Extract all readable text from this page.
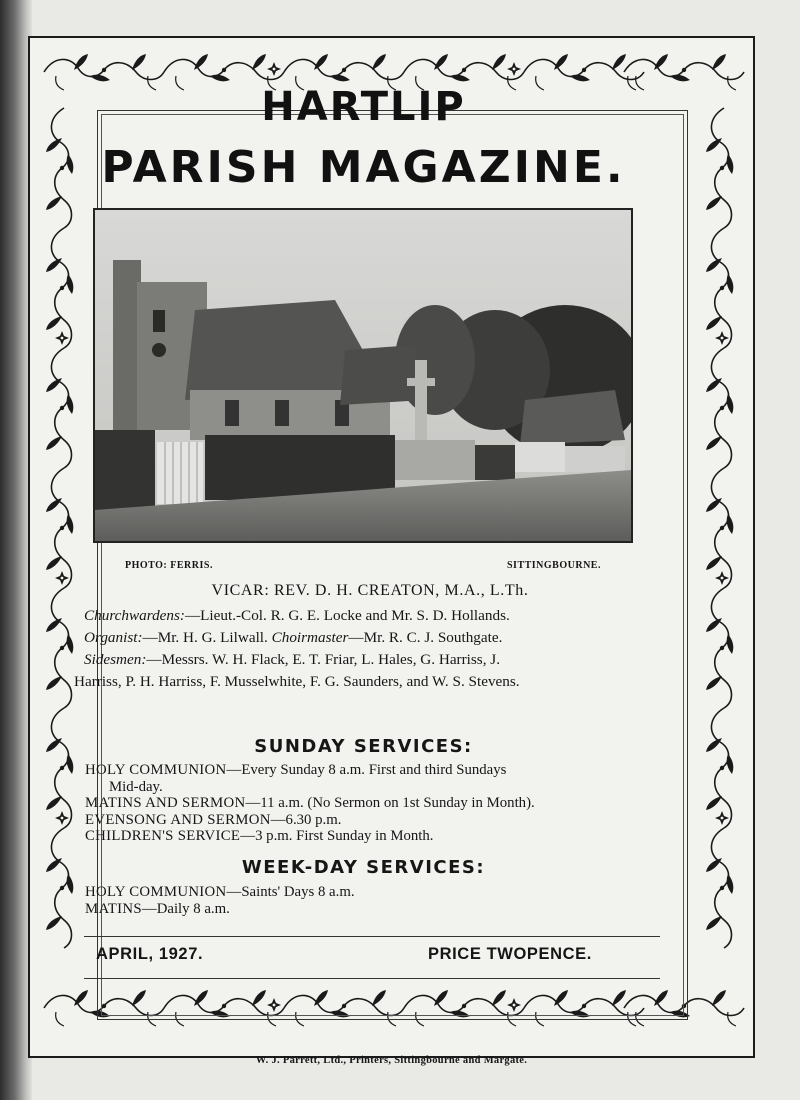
HARTLIP
PARISH MAGAZINE.
PHOTO: FERRIS.	SITTINGBOURNE.

VICAR: REV. D. H. CREATON, M.A., L.Th.

Churchwardens:—Lieut.-Col. R. G. E. Locke and Mr. S. D. Hollands.

Organist:—Mr. H. G. Lilwall. Choirmaster—Mr. R. C. J. Southgate.

Sidesmen:—Messrs. W. H. Flack, E. T. Friar, L. Hales, G. Harriss, J.

Harriss, P. H. Harriss, F. Musselwhite, F. G. Saunders, and W. S. Stevens.

SUNDAY SERVICES:
HOLY COMMUNION—Every Sunday 8 a.m. First and third Sundays
Mid-day.
MATINS AND SERMON—11 a.m. (No Sermon on 1st Sunday in Month).
EVENSONG AND SERMON—6.30 p.m.
CHILDREN'S SERVICE—3 p.m. First Sunday in Month.
WEEK-DAY SERVICES:
HOLY COMMUNION—Saints' Days 8 a.m.
MATINS—Daily 8 a.m.
APRIL, 1927.	PRICE TWOPENCE.
W. J. Parrett, Ltd., Printers, Sittingbourne and Margate.
